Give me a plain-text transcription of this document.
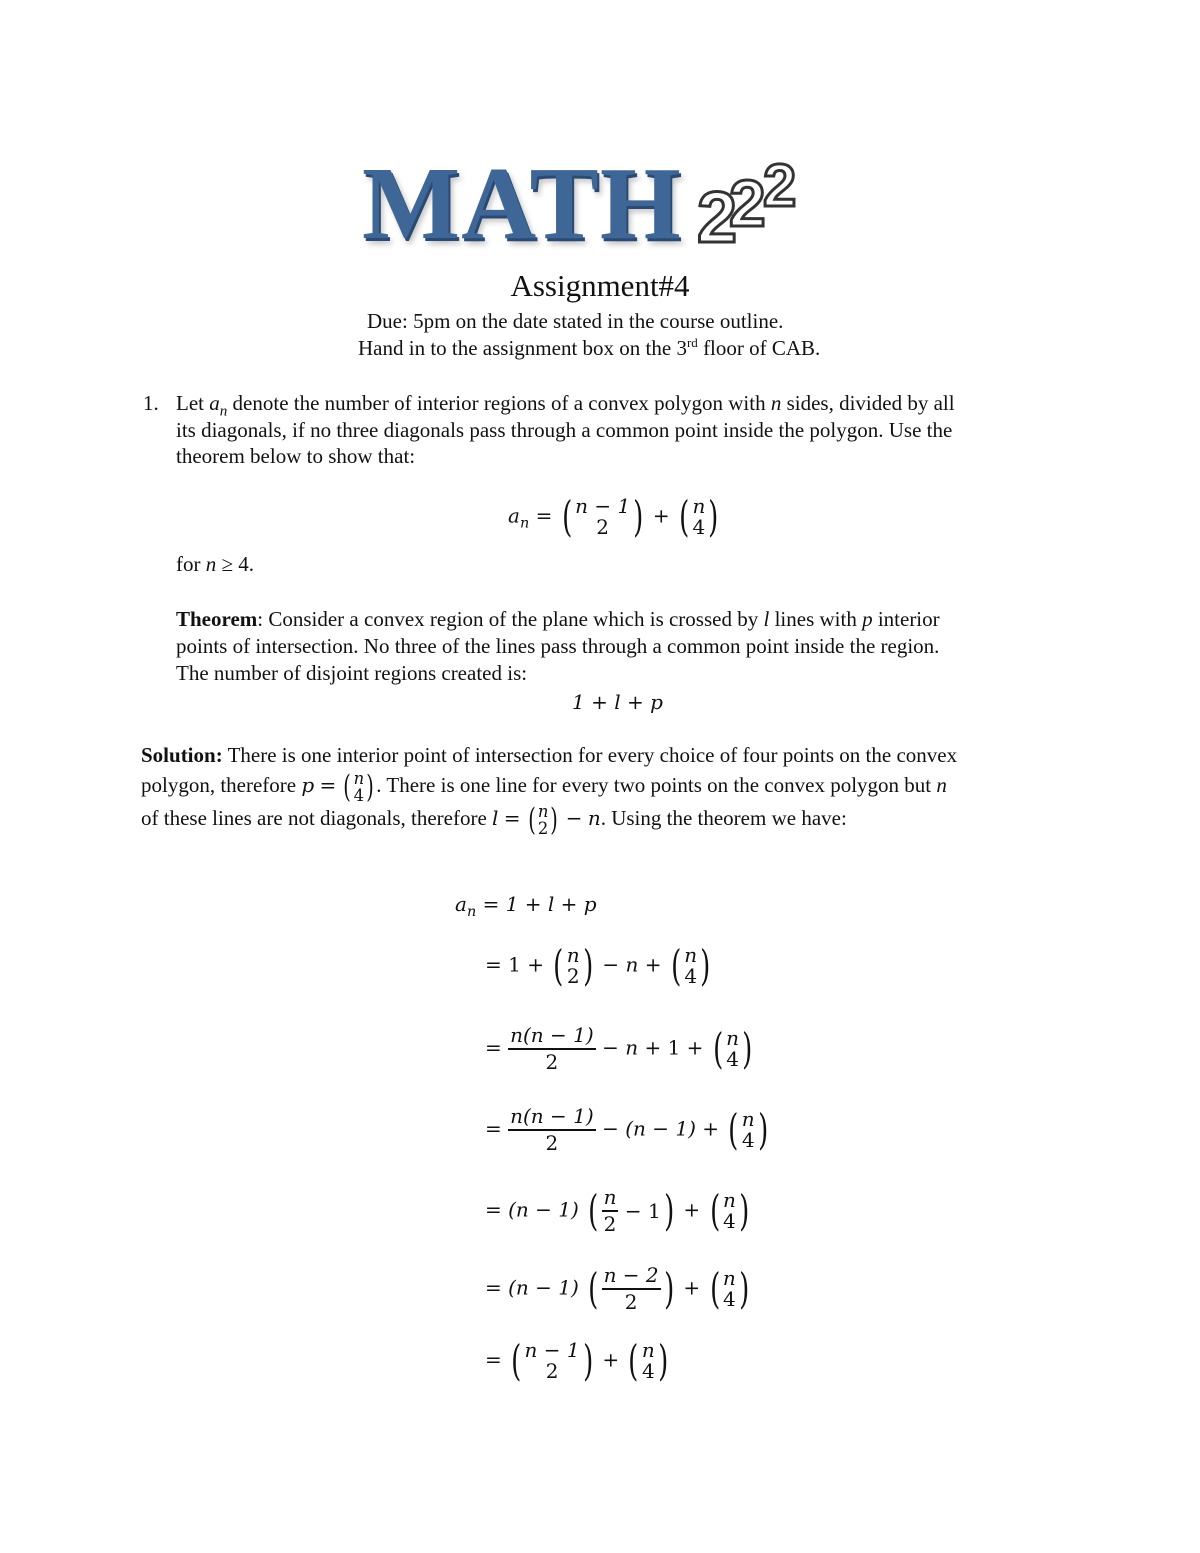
MATH 2
2
2
Assignment#4
Due: 5pm on the date stated in the course outline.
Hand in to the assignment box on the 3rd floor of CAB.
1. Let $a_n$ denote the number of interior regions of a convex polygon with n sides, divided by all
its diagonals, if no three diagonals pass through a common point inside the polygon. Use the
theorem below to show that:
$a_n$ = ( n − 1
2 ) + ( n
4 )
for n ≥ 4.
Theorem: Consider a convex region of the plane which is crossed by l lines with p interior
points of intersection. No three of the lines pass through a common point inside the region.
The number of disjoint regions created is:
1 + l + p
Solution: There is one interior point of intersection for every choice of four points on the convex
polygon, therefore p = ( n
4 ) . There is one line for every two points on the convex polygon but n
of these lines are not diagonals, therefore l = ( n
2 ) − n. Using the theorem we have:
$a_n = 1 + l + p$
= 1 + ( n
2 ) − n + ( n
4 )
= $\frac{n(n - 1)}{2} - n + 1$ + ( n
4 )
= $\frac{n(n - 1)}{2} - (n - 1)$ + ( n
4 )
= (n − 1) ( $\frac{n}{2}$
−
1 ) + ( n
4 )
= (n − 1) ( $\frac{n - 2}{2}$ ) + ( n
4 )
= ( n − 1
2 ) + ( n
4 )
